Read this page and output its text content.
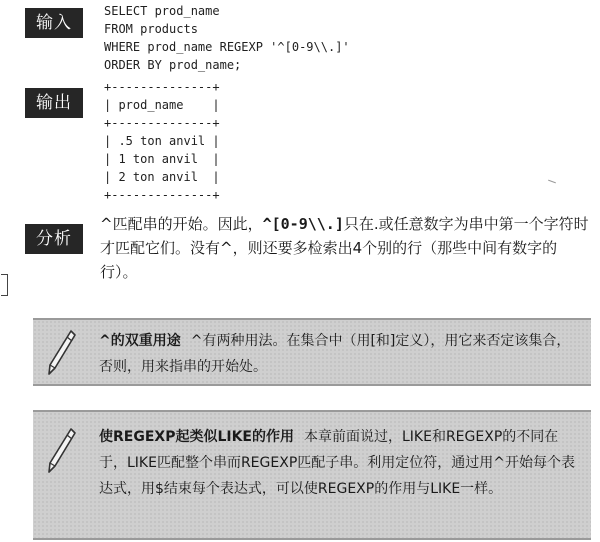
输入
SELECT prod_name
FROM products
WHERE prod_name REGEXP '^[0-9\\.]'
ORDER BY prod_name;
输出
+--------------+
| prod_name    |
+--------------+
| .5 ton anvil |
| 1 ton anvil  |
| 2 ton anvil  |
+--------------+
分析
^匹配串的开始。因此，^[0-9\\.]只在.或任意数字为串中第一个字符时才匹配它们。没有^，则还要多检索出4个别的行（那些中间有数字的行）。
^的双重用途 ^有两种用法。在集合中（用[和]定义），用它来否定该集合，否则，用来指串的开始处。
使REGEXP起类似LIKE的作用 本章前面说过，LIKE和REGEXP的不同在于，LIKE匹配整个串而REGEXP匹配子串。利用定位符，通过用^开始每个表达式，用$结束每个表达式，可以使REGEXP的作用与LIKE一样。
